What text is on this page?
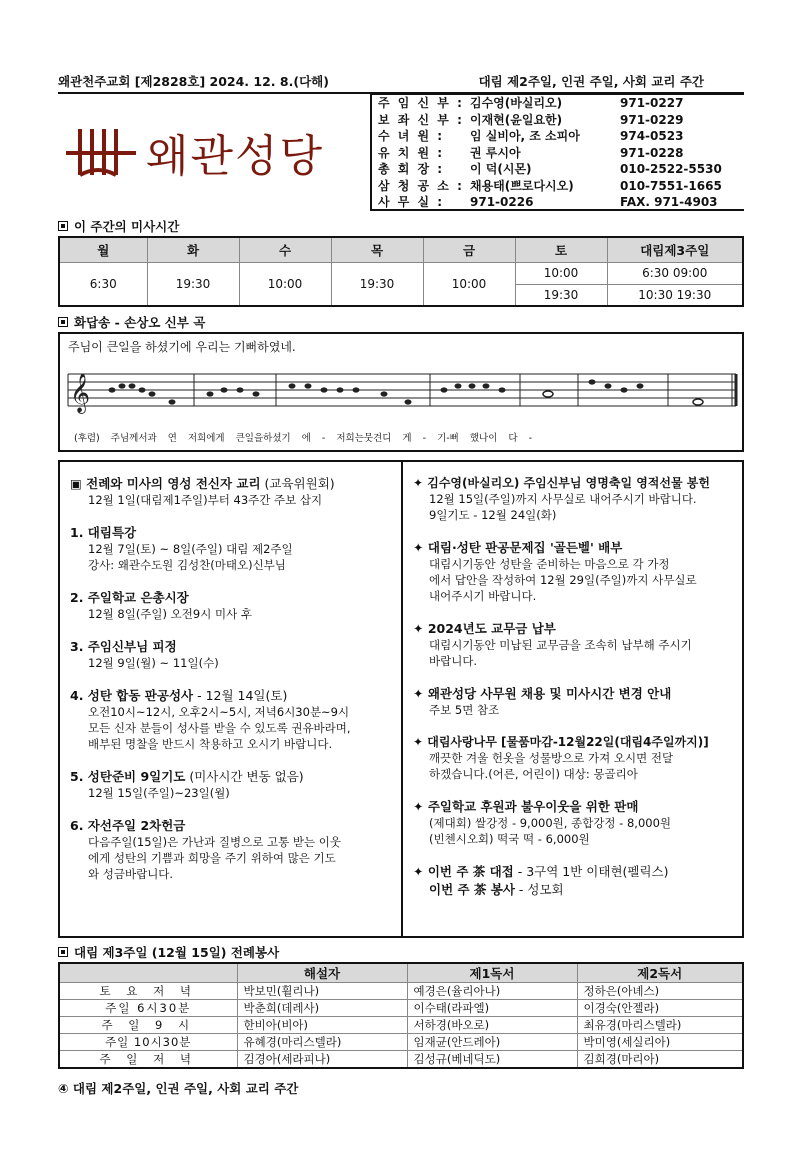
왜관천주교회 [제2828호] 2024. 12. 8.(다해)	대림 제2주일, 인권 주일, 사회 교리 주간
왜관성당
주 임 신 부 : 김수영(바실리오)	971-0227
보 좌 신 부 : 이재현(윤일요한)	971-0229
수 녀 원 :	임 실비아, 조 소피아	974-0523
유 치 원 :	권 루시아	971-0228
총 회 장 :	이 덕(시몬)	010-2522-5530
삼 청 공 소 : 채용태(쁘로다시오)	010-7551-1665
사 무 실 :	971-0226	FAX. 971-4903
이 주간의 미사시간
월	화	수	목	금	토	대림제3주일
6:30	19:30	10:00	19:30	10:00	10:00	6:30 09:00
					19:30	10:30 19:30
화답송 - 손상오 신부 곡
주님이 큰일을 하셨기에 우리는 기뻐하였네.
𝄞
(후렴) 주님께서과 연 저희에게 큰일을하셨기 에 - 저희는뭇견디 게 - 기-뻐 했나이 다 -
▣ 전례와 미사의 영성 전신자 교리 (교육위원회)
12월 1일(대림제1주일)부터 43주간 주보 삽지
1. 대림특강
12월 7일(토) ~ 8일(주일) 대림 제2주일
강사: 왜관수도원 김성찬(마태오)신부님
2. 주일학교 은총시장
12월 8일(주일) 오전9시 미사 후
3. 주임신부님 피정
12월 9일(월) ~ 11일(수)
4. 성탄 합동 판공성사 - 12월 14일(토)
오전10시~12시, 오후2시~5시, 저녁6시30분~9시
모든 신자 분들이 성사를 받을 수 있도록 권유바라며,
배부된 명찰을 반드시 착용하고 오시기 바랍니다.
5. 성탄준비 9일기도 (미사시간 변동 없음)
12월 15일(주일)~23일(월)
6. 자선주일 2차헌금
다음주일(15일)은 가난과 질병으로 고통 받는 이웃
에게 성탄의 기쁨과 희망을 주기 위하여 많은 기도
와 성금바랍니다.
✦ 김수영(바실리오) 주임신부님 영명축일 영적선물 봉헌
12월 15일(주일)까지 사무실로 내어주시기 바랍니다.
9일기도 - 12월 24일(화)
✦ 대림·성탄 판공문제집 '골든벨' 배부
대림시기동안 성탄을 준비하는 마음으로 각 가정
에서 답안을 작성하여 12월 29일(주일)까지 사무실로
내어주시기 바랍니다.
✦ 2024년도 교무금 납부
대림시기동안 미납된 교무금을 조속히 납부해 주시기
바랍니다.
✦ 왜관성당 사무원 채용 및 미사시간 변경 안내
주보 5면 참조
✦ 대림사랑나무 [물품마감-12월22일(대림4주일까지)]
깨끗한 겨울 헌옷을 성물방으로 가져 오시면 전달
하겠습니다.(어른, 어린이) 대상: 몽골리아
✦ 주일학교 후원과 불우이웃을 위한 판매
(제대회) 쌀강정 - 9,000원, 종합강정 - 8,000원
(빈첸시오회) 떡국 떡 - 6,000원
✦ 이번 주 茶 대접 - 3구역 1반 이태현(펠릭스)
이번 주 茶 봉사 - 성모회
대림 제3주일 (12월 15일) 전례봉사
	해설자	제1독서	제2독서
토 요 저 녁	박보민(휠리나)	예경은(율리아나)	정하은(아녜스)
주일 6시30분	박춘희(데레사)	이수태(라파엘)	이경숙(안젤라)
주 일 9 시	한비아(비아)	서하경(바오로)	최유경(마리스텔라)
주일 10시30분	유혜경(마리스텔라)	임재균(안드레아)	박미영(세실리아)
주 일 저 녁	김경아(세라피나)	김성규(베네딕도)	김희경(마리아)
④ 대림 제2주일, 인권 주일, 사회 교리 주간
